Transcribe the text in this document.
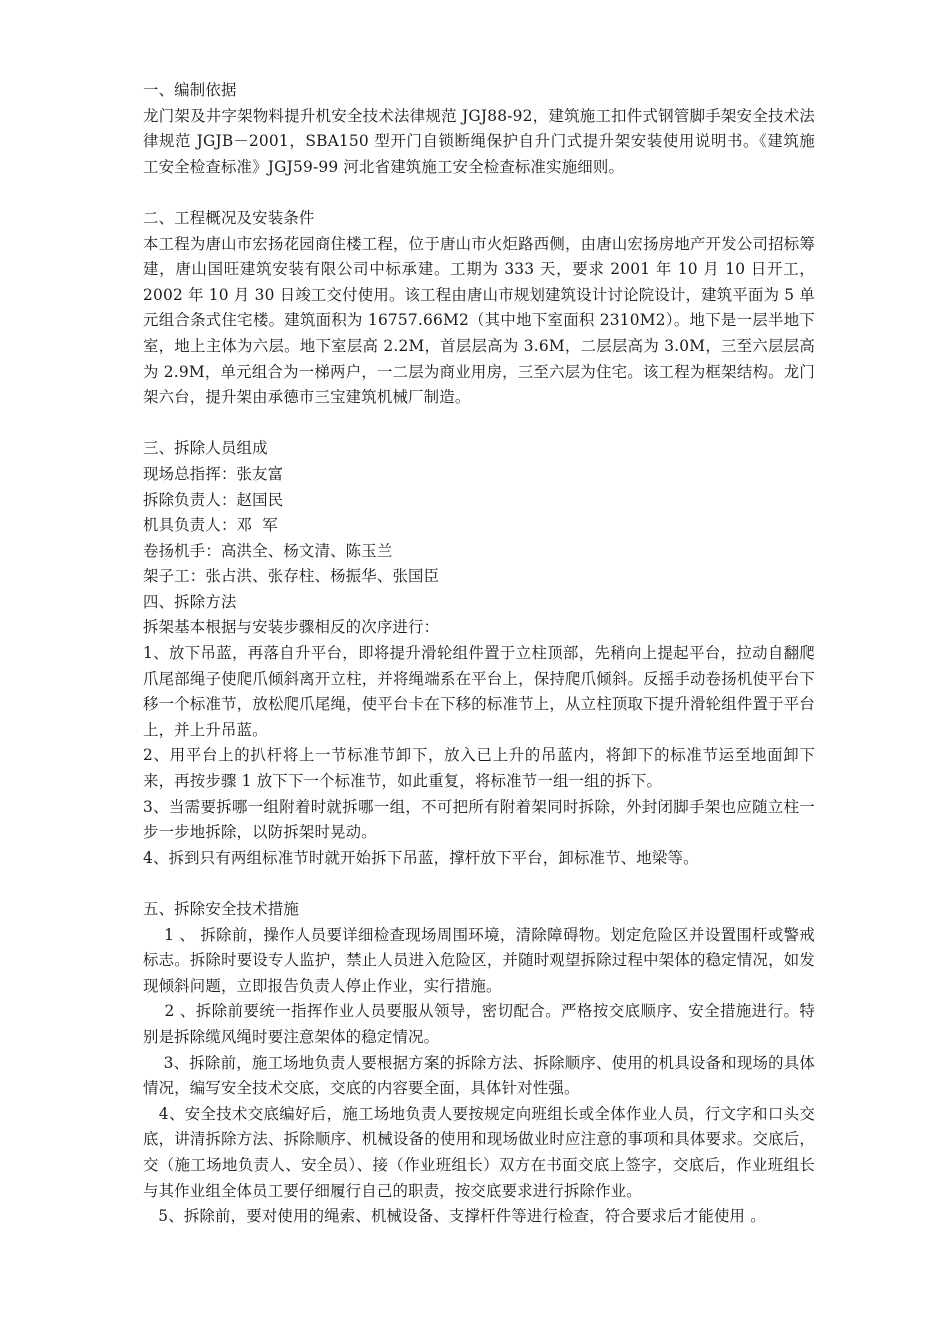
一、编制依据

龙门架及井字架物料提升机安全技术法律规范 JGJ88-92，建筑施工扣件式钢管脚手架安全技术法律规范 JGJB－2001，SBA150 型开门自锁断绳保护自升门式提升架安装使用说明书。《建筑施工安全检查标准》JGJ59-99 河北省建筑施工安全检查标准实施细则。

二、工程概况及安装条件

本工程为唐山市宏扬花园商住楼工程，位于唐山市火炬路西侧，由唐山宏扬房地产开发公司招标筹建，唐山国旺建筑安装有限公司中标承建。工期为 333 天，要求 2001 年 10 月 10 日开工，2002 年 10 月 30 日竣工交付使用。该工程由唐山市规划建筑设计讨论院设计，建筑平面为 5 单元组合条式住宅楼。建筑面积为 16757.66M2（其中地下室面积 2310M2）。地下是一层半地下室，地上主体为六层。地下室层高 2.2M，首层层高为 3.6M，二层层高为 3.0M，三至六层层高为 2.9M，单元组合为一梯两户，一二层为商业用房，三至六层为住宅。该工程为框架结构。龙门架六台，提升架由承德市三宝建筑机械厂制造。

三、拆除人员组成

现场总指挥：张友富

拆除负责人：赵国民

机具负责人：邓  军

卷扬机手：高洪全、杨文清、陈玉兰

架子工：张占洪、张存柱、杨振华、张国臣

四、拆除方法

拆架基本根据与安装步骤相反的次序进行：

1、放下吊蓝，再落自升平台，即将提升滑轮组件置于立柱顶部，先稍向上提起平台，拉动自翻爬爪尾部绳子使爬爪倾斜离开立柱，并将绳端系在平台上，保持爬爪倾斜。反摇手动卷扬机使平台下移一个标准节，放松爬爪尾绳，使平台卡在下移的标准节上，从立柱顶取下提升滑轮组件置于平台上，并上升吊蓝。

2、用平台上的扒杆将上一节标准节卸下，放入已上升的吊蓝内，将卸下的标准节运至地面卸下来，再按步骤 1 放下下一个标准节，如此重复，将标准节一组一组的拆下。

3、当需要拆哪一组附着时就拆哪一组，不可把所有附着架同时拆除，外封闭脚手架也应随立柱一步一步地拆除，以防拆架时晃动。

4、拆到只有两组标准节时就开始拆下吊蓝，撑杆放下平台，卸标准节、地梁等。

五、拆除安全技术措施

1 、 拆除前，操作人员要详细检查现场周围环境，清除障碍物。划定危险区并设置围杆或警戒标志。拆除时要设专人监护，禁止人员进入危险区，并随时观望拆除过程中架体的稳定情况，如发现倾斜问题，立即报告负责人停止作业，实行措施。

2 、拆除前要统一指挥作业人员要服从领导，密切配合。严格按交底顺序、安全措施进行。特别是拆除缆风绳时要注意架体的稳定情况。

3、拆除前，施工场地负责人要根据方案的拆除方法、拆除顺序、使用的机具设备和现场的具体情况，编写安全技术交底，交底的内容要全面，具体针对性强。

4、安全技术交底编好后，施工场地负责人要按规定向班组长或全体作业人员，行文字和口头交底，讲清拆除方法、拆除顺序、机械设备的使用和现场做业时应注意的事项和具体要求。交底后，交（施工场地负责人、安全员）、接（作业班组长）双方在书面交底上签字，交底后，作业班组长与其作业组全体员工要仔细履行自己的职责，按交底要求进行拆除作业。

5、拆除前，要对使用的绳索、机械设备、支撑杆件等进行检查，符合要求后才能使用 。
